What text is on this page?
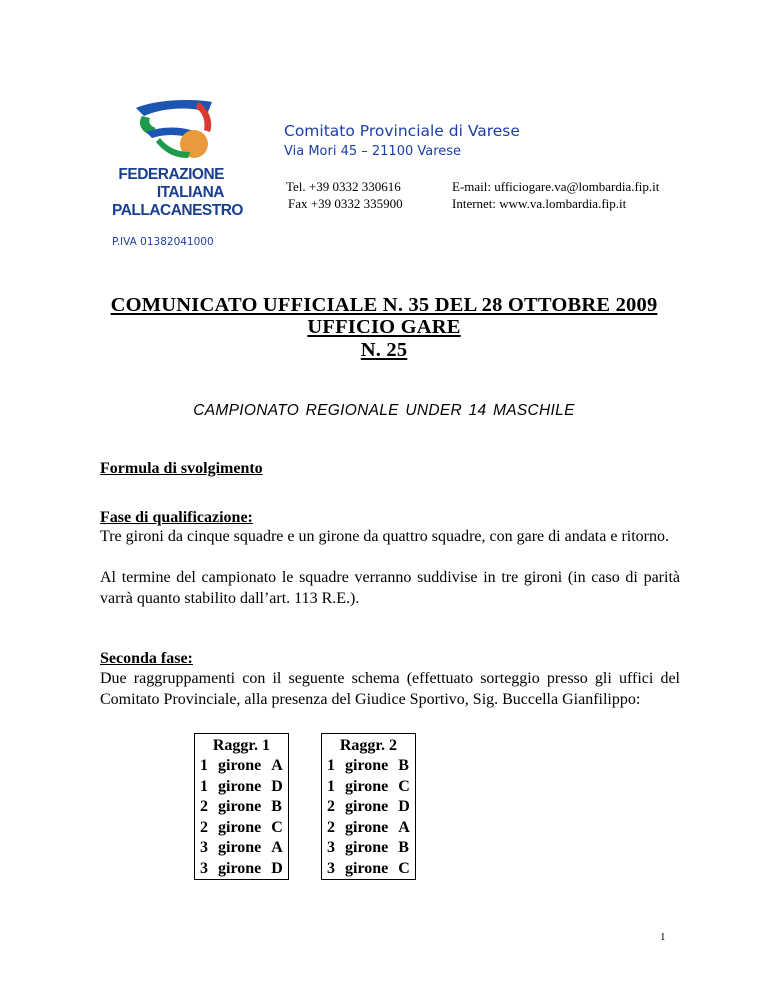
FEDERAZIONE
ITALIANA
PALLACANESTRO
Comitato Provinciale di Varese
Via Mori 45 – 21100 Varese
Tel. +39 0332 330616
Fax +39 0332 335900
E-mail: ufficiogare.va@lombardia.fip.it
Internet: www.va.lombardia.fip.it
P.IVA 01382041000
COMUNICATO UFFICIALE N. 35 DEL 28 OTTOBRE 2009
UFFICIO GARE
N. 25
CAMPIONATO REGIONALE UNDER 14 MASCHILE
Formula di svolgimento
Fase di qualificazione:
Tre gironi da cinque squadre e un girone da quattro squadre, con gare di andata e ritorno.
Al termine del campionato le squadre verranno suddivise in tre gironi (in caso di parità varrà quanto stabilito dall’art. 113 R.E.).
Seconda fase:
Due raggruppamenti con il seguente schema (effettuato sorteggio presso gli uffici del Comitato Provinciale, alla presenza del Giudice Sportivo, Sig. Buccella Gianfilippo:
Raggr. 1		
1	girone	A
1	girone	D
2	girone	B
2	girone	C
3	girone	A
3	girone	D
Raggr. 2		
1	girone	B
1	girone	C
2	girone	D
2	girone	A
3	girone	B
3	girone	C
1
